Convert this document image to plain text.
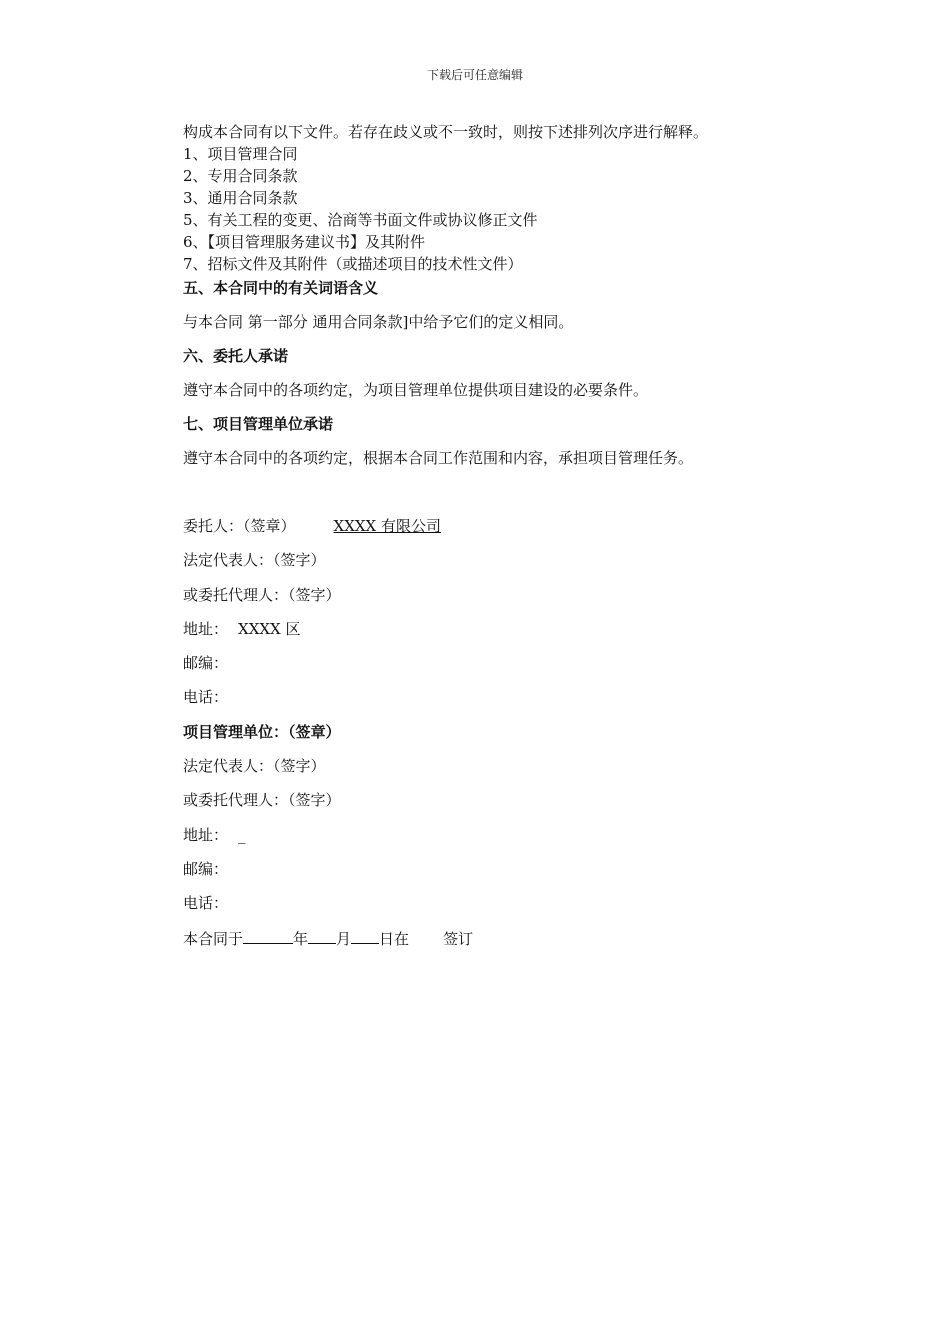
下载后可任意编辑
构成本合同有以下文件。若存在歧义或不一致时，则按下述排列次序进行解释。
1、项目管理合同
2、专用合同条款
3、通用合同条款
5、有关工程的变更、洽商等书面文件或协议修正文件
6、【项目管理服务建议书】及其附件
7、招标文件及其附件（或描述项目的技术性文件）
五、本合同中的有关词语含义
与本合同 第一部分 通用合同条款]中给予它们的定义相同。
六、委托人承诺
遵守本合同中的各项约定，为项目管理单位提供项目建设的必要条件。
七、项目管理单位承诺
遵守本合同中的各项约定，根据本合同工作范围和内容，承担项目管理任务。
委托人：（签章）	XXXX 有限公司
法定代表人：（签字）
或委托代理人：（签字）
地址： XXXX 区
邮编：
电话：
项目管理单位：（签章）
法定代表人：（签字）
或委托代理人：（签字）
地址： _
邮编：
电话：
本合同于	年 月 日在 签订
